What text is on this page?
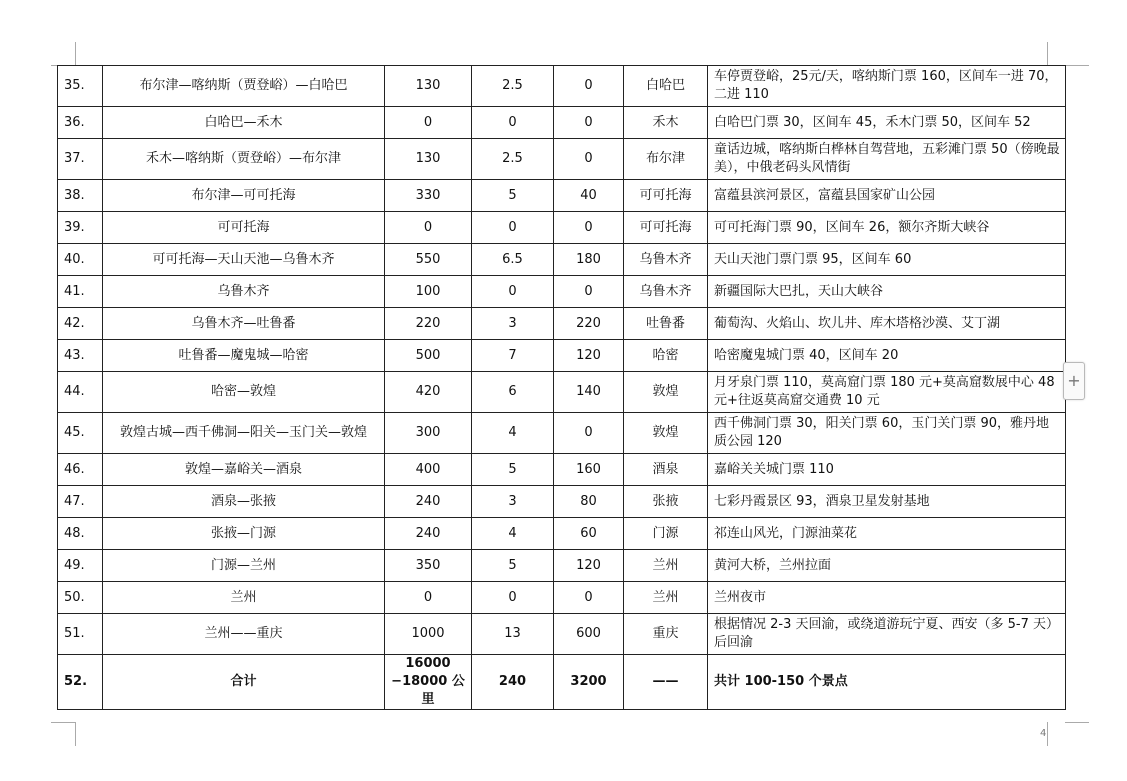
35.	布尔津—喀纳斯（贾登峪）—白哈巴	130	2.5	0	白哈巴	车停贾登峪，25元/天，喀纳斯门票 160，区间车一进 70，二进 110
36.	白哈巴—禾木	0	0	0	禾木	白哈巴门票 30，区间车 45，禾木门票 50，区间车 52
37.	禾木—喀纳斯（贾登峪）—布尔津	130	2.5	0	布尔津	童话边城，喀纳斯白桦林自驾营地，五彩滩门票 50（傍晚最美），中俄老码头风情街
38.	布尔津—可可托海	330	5	40	可可托海	富蕴县滨河景区，富蕴县国家矿山公园
39.	可可托海	0	0	0	可可托海	可可托海门票 90，区间车 26，额尔齐斯大峡谷
40.	可可托海—天山天池—乌鲁木齐	550	6.5	180	乌鲁木齐	天山天池门票门票 95，区间车 60
41.	乌鲁木齐	100	0	0	乌鲁木齐	新疆国际大巴扎，天山大峡谷
42.	乌鲁木齐—吐鲁番	220	3	220	吐鲁番	葡萄沟、火焰山、坎儿井、库木塔格沙漠、艾丁湖
43.	吐鲁番—魔鬼城—哈密	500	7	120	哈密	哈密魔鬼城门票 40，区间车 20
44.	哈密—敦煌	420	6	140	敦煌	月牙泉门票 110，莫高窟门票 180 元+莫高窟数展中心 48 元+往返莫高窟交通费 10 元
45.	敦煌古城—西千佛洞—阳关—玉门关—敦煌	300	4	0	敦煌	西千佛洞门票 30，阳关门票 60，玉门关门票 90，雅丹地质公园 120
46.	敦煌—嘉峪关—酒泉	400	5	160	酒泉	嘉峪关关城门票 110
47.	酒泉—张掖	240	3	80	张掖	七彩丹霞景区 93，酒泉卫星发射基地
48.	张掖—门源	240	4	60	门源	祁连山风光，门源油菜花
49.	门源—兰州	350	5	120	兰州	黄河大桥，兰州拉面
50.	兰州	0	0	0	兰州	兰州夜市
51.	兰州——重庆	1000	13	600	重庆	根据情况 2-3 天回渝，或绕道游玩宁夏、西安（多 5-7 天）后回渝
52.	合计	16000 −18000 公里	240	3200	——	共计 100-150 个景点
+
4
